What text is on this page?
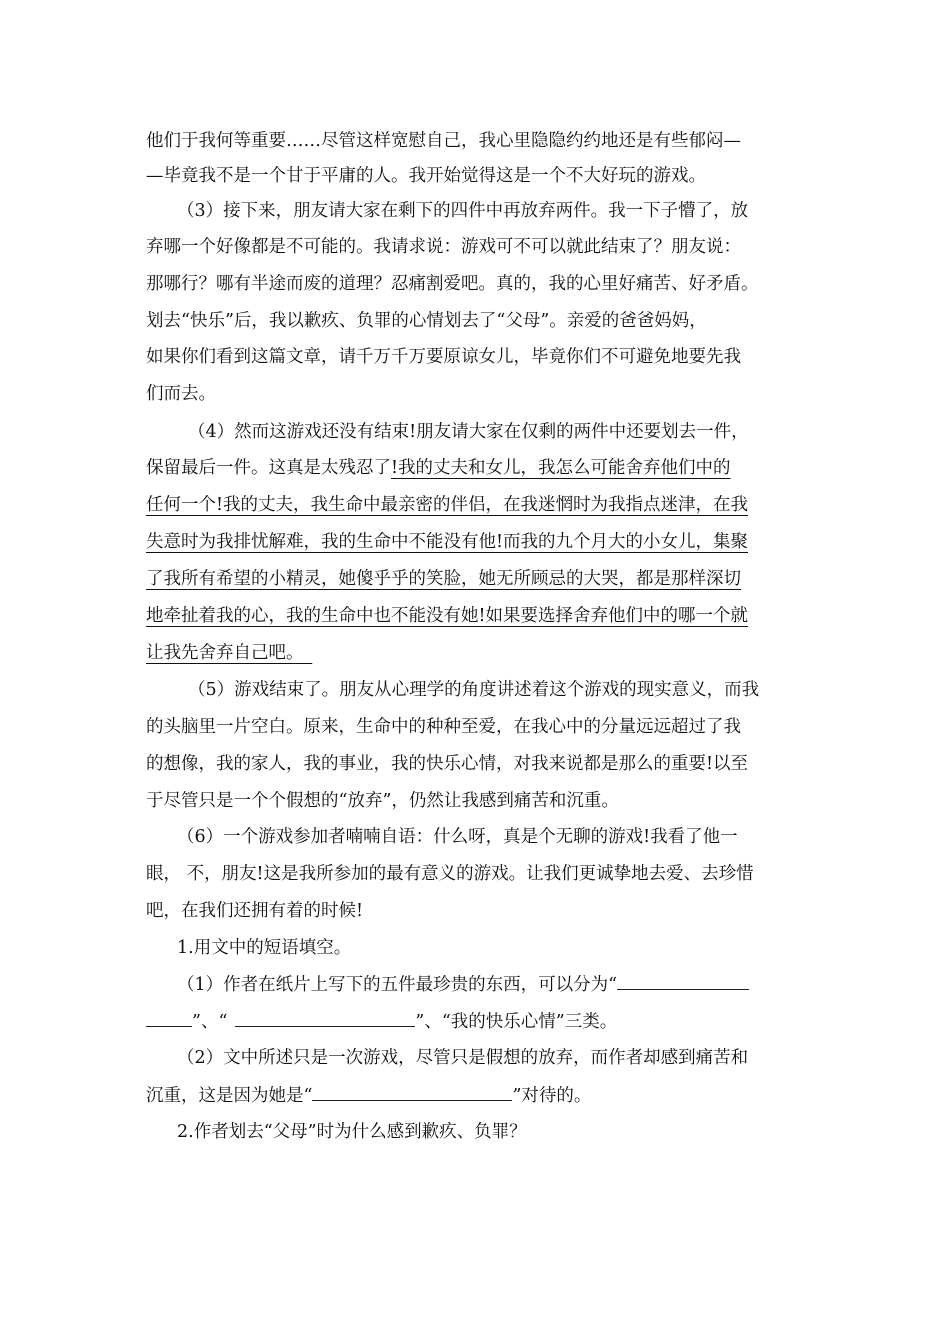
他们于我何等重要……尽管这样宽慰自己，我心里隐隐约约地还是有些郁闷—
—毕竟我不是一个甘于平庸的人。我开始觉得这是一个不大好玩的游戏。
（3）接下来，朋友请大家在剩下的四件中再放弃两件。我一下子懵了，放
弃哪一个好像都是不可能的。我请求说：游戏可不可以就此结束了？朋友说：
那哪行？哪有半途而废的道理？忍痛割爱吧。真的，我的心里好痛苦、好矛盾。
划去“快乐”后，我以歉疚、负罪的心情划去了“父母”。亲爱的爸爸妈妈，
如果你们看到这篇文章，请千万千万要原谅女儿，毕竟你们不可避免地要先我
们而去。
（4）然而这游戏还没有结束!朋友请大家在仅剩的两件中还要划去一件，
保留最后一件。这真是太残忍了!我的丈夫和女儿，我怎么可能舍弃他们中的
任何一个!我的丈夫，我生命中最亲密的伴侣，在我迷惘时为我指点迷津，在我
失意时为我排忧解难，我的生命中不能没有他!而我的九个月大的小女儿，集聚
了我所有希望的小精灵，她傻乎乎的笑脸，她无所顾忌的大哭，都是那样深切
地牵扯着我的心，我的生命中也不能没有她!如果要选择舍弃他们中的哪一个就
让我先舍弃自己吧。　
（5）游戏结束了。朋友从心理学的角度讲述着这个游戏的现实意义，而我
的头脑里一片空白。原来，生命中的种种至爱，在我心中的分量远远超过了我
的想像，我的家人，我的事业，我的快乐心情，对我来说都是那么的重要!以至
于尽管只是一个个假想的“放弃”，仍然让我感到痛苦和沉重。
（6）一个游戏参加者喃喃自语：什么呀，真是个无聊的游戏!我看了他一
眼， 不，朋友!这是我所参加的最有意义的游戏。让我们更诚挚地去爱、去珍惜
吧，在我们还拥有着的时候!
1.用文中的短语填空。
（1）作者在纸片上写下的五件最珍贵的东西，可以分为“
”、“	”、“我的快乐心情”三类。
（2）文中所述只是一次游戏，尽管只是假想的放弃，而作者却感到痛苦和
沉重，这是因为她是“	”对待的。
2.作者划去“父母”时为什么感到歉疚、负罪？
